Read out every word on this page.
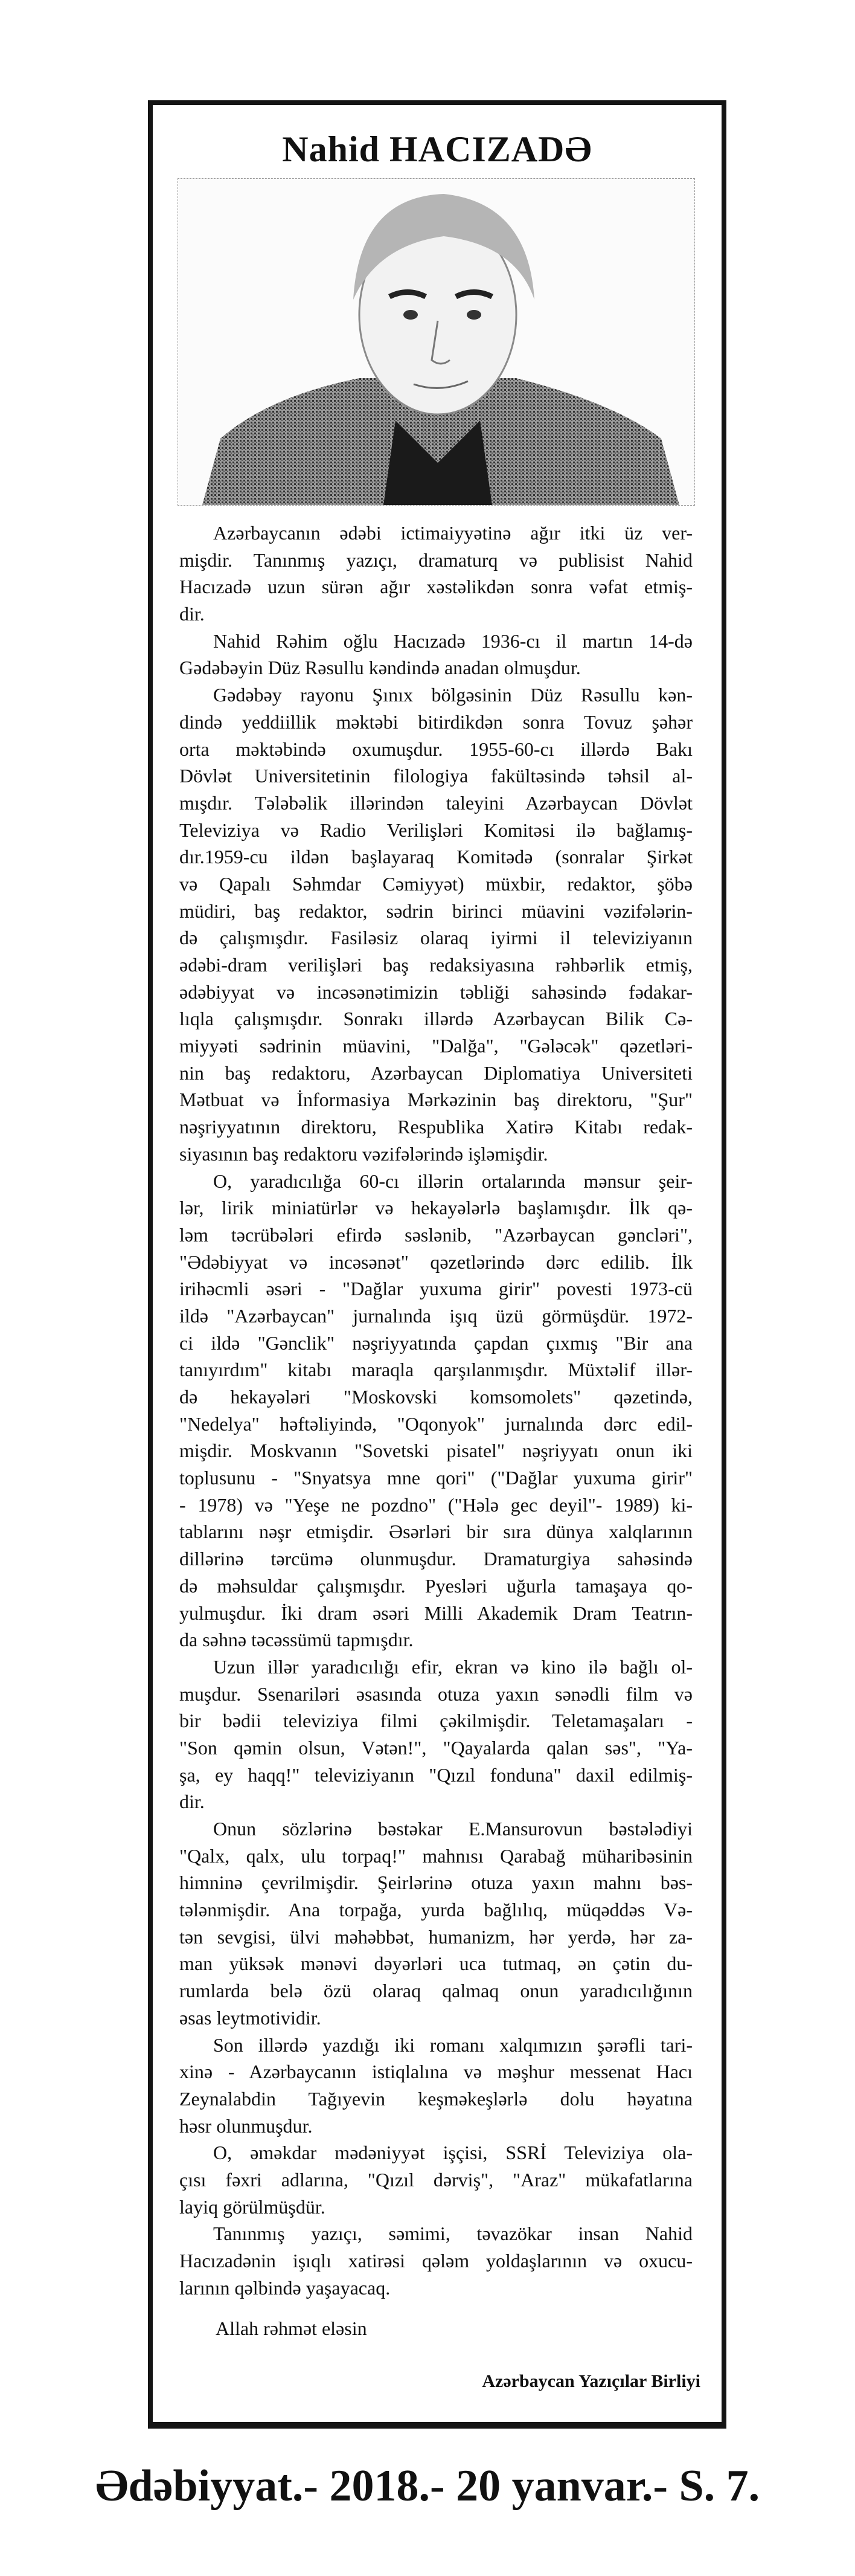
Nahid HACIZADƏ
Azərbaycanın ədəbi ictimaiyyətinə ağır itki üz ver-
mişdir. Tanınmış yazıçı, dramaturq və publisist Nahid
Hacızadə uzun sürən ağır xəstəlikdən sonra vəfat etmiş-
dir.
Nahid Rəhim oğlu Hacızadə 1936-cı il martın 14-də
Gədəbəyin Düz Rəsullu kəndində anadan olmuşdur.
Gədəbəy rayonu Şınıx bölgəsinin Düz Rəsullu kən-
dində yeddiillik məktəbi bitirdikdən sonra Tovuz şəhər
orta məktəbində oxumuşdur. 1955-60-cı illərdə Bakı
Dövlət Universitetinin filologiya fakültəsində təhsil al-
mışdır. Tələbəlik illərindən taleyini Azərbaycan Dövlət
Televiziya və Radio Verilişləri Komitəsi ilə bağlamış-
dır.1959-cu ildən başlayaraq Komitədə (sonralar Şirkət
və Qapalı Səhmdar Cəmiyyət) müxbir, redaktor, şöbə
müdiri, baş redaktor, sədrin birinci müavini vəzifələrin-
də çalışmışdır. Fasiləsiz olaraq iyirmi il televiziyanın
ədəbi-dram verilişləri baş redaksiyasına rəhbərlik etmiş,
ədəbiyyat və incəsənətimizin təbliği sahəsində fədakar-
lıqla çalışmışdır. Sonrakı illərdə Azərbaycan Bilik Cə-
miyyəti sədrinin müavini, "Dalğa", "Gələcək" qəzetləri-
nin baş redaktoru, Azərbaycan Diplomatiya Universiteti
Mətbuat və İnformasiya Mərkəzinin baş direktoru, "Şur"
nəşriyyatının direktoru, Respublika Xatirə Kitabı redak-
siyasının baş redaktoru vəzifələrində işləmişdir.
O, yaradıcılığa 60-cı illərin ortalarında mənsur şeir-
lər, lirik miniatürlər və hekayələrlə başlamışdır. İlk qə-
ləm təcrübələri efirdə səslənib, "Azərbaycan gəncləri",
"Ədəbiyyat və incəsənət" qəzetlərində dərc edilib. İlk
irihəcmli əsəri - "Dağlar yuxuma girir" povesti 1973-cü
ildə "Azərbaycan" jurnalında işıq üzü görmüşdür. 1972-
ci ildə "Gənclik" nəşriyyatında çapdan çıxmış "Bir ana
tanıyırdım" kitabı maraqla qarşılanmışdır. Müxtəlif illər-
də hekayələri "Moskovski komsomolets" qəzetində,
"Nedelya" həftəliyində, "Oqonyok" jurnalında dərc edil-
mişdir. Moskvanın "Sovetski pisatel" nəşriyyatı onun iki
toplusunu - "Snyatsya mne qori" ("Dağlar yuxuma girir"
- 1978) və "Yeşe ne pozdno" ("Hələ gec deyil"- 1989) ki-
tablarını nəşr etmişdir. Əsərləri bir sıra dünya xalqlarının
dillərinə tərcümə olunmuşdur. Dramaturgiya sahəsində
də məhsuldar çalışmışdır. Pyesləri uğurla tamaşaya qo-
yulmuşdur. İki dram əsəri Milli Akademik Dram Teatrın-
da səhnə təcəssümü tapmışdır.
Uzun illər yaradıcılığı efir, ekran və kino ilə bağlı ol-
muşdur. Ssenariləri əsasında otuza yaxın sənədli film və
bir bədii televiziya filmi çəkilmişdir. Teletamaşaları -
"Son qəmin olsun, Vətən!", "Qayalarda qalan səs", "Ya-
şa, ey haqq!" televiziyanın "Qızıl fonduna" daxil edilmiş-
dir.
Onun sözlərinə bəstəkar E.Mansurovun bəstələdiyi
"Qalx, qalx, ulu torpaq!" mahnısı Qarabağ müharibəsinin
himninə çevrilmişdir. Şeirlərinə otuza yaxın mahnı bəs-
tələnmişdir. Ana torpağa, yurda bağlılıq, müqəddəs Və-
tən sevgisi, ülvi məhəbbət, humanizm, hər yerdə, hər za-
man yüksək mənəvi dəyərləri uca tutmaq, ən çətin du-
rumlarda belə özü olaraq qalmaq onun yaradıcılığının
əsas leytmotividir.
Son illərdə yazdığı iki romanı xalqımızın şərəfli tari-
xinə - Azərbaycanın istiqlalına və məşhur messenat Hacı
Zeynalabdin Tağıyevin keşməkeşlərlə dolu həyatına
həsr olunmuşdur.
O, əməkdar mədəniyyət işçisi, SSRİ Televiziya ola-
çısı fəxri adlarına, "Qızıl dərviş", "Araz" mükafatlarına
layiq görülmüşdür.
Tanınmış yazıçı, səmimi, təvazökar insan Nahid
Hacızadənin işıqlı xatirəsi qələm yoldaşlarının və oxucu-
larının qəlbində yaşayacaq.
Allah rəhmət eləsin
Azərbaycan Yazıçılar Birliyi
Ədəbiyyat.- 2018.- 20 yanvar.- S. 7.
